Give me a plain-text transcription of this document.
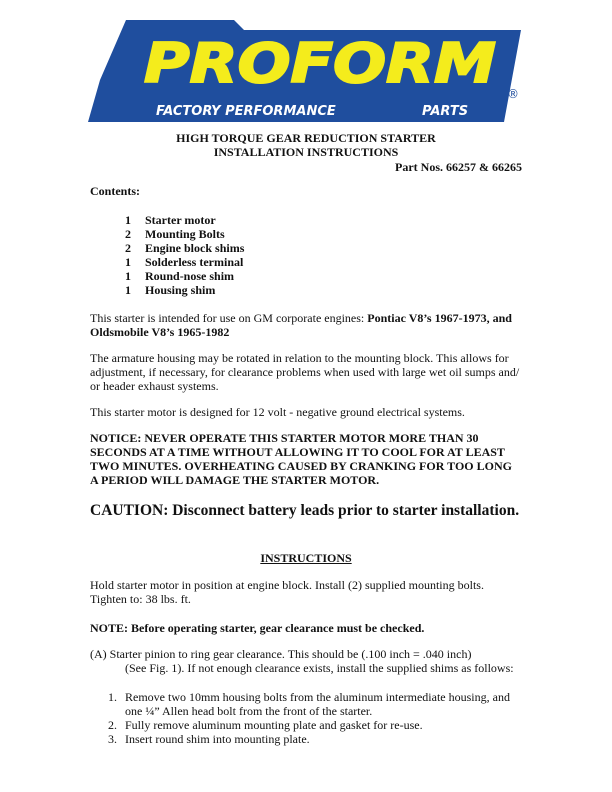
PROFORM
FACTORY PERFORMANCE	PARTS
®
HIGH TORQUE GEAR REDUCTION STARTER
INSTALLATION INSTRUCTIONS
Part Nos. 66257 & 66265
Contents:
1 Starter motor
2 Mounting Bolts
2 Engine block shims
1 Solderless terminal
1 Round-nose shim
1 Housing shim
This starter is intended for use on GM corporate engines: Pontiac V8’s 1967-1973, and
Oldsmobile V8’s 1965-1982
The armature housing may be rotated in relation to the mounting block. This allows for
adjustment, if necessary, for clearance problems when used with large wet oil sumps and/
or header exhaust systems.
This starter motor is designed for 12 volt - negative ground electrical systems.
NOTICE: NEVER OPERATE THIS STARTER MOTOR MORE THAN 30
SECONDS AT A TIME WITHOUT ALLOWING IT TO COOL FOR AT LEAST
TWO MINUTES. OVERHEATING CAUSED BY CRANKING FOR TOO LONG
A PERIOD WILL DAMAGE THE STARTER MOTOR.
CAUTION: Disconnect battery leads prior to starter installation.
INSTRUCTIONS
Hold starter motor in position at engine block. Install (2) supplied mounting bolts.
Tighten to: 38 lbs. ft.
NOTE: Before operating starter, gear clearance must be checked.
(A) Starter pinion to ring gear clearance. This should be (.100 inch = .040 inch)
(See Fig. 1). If not enough clearance exists, install the supplied shims as follows:
1. Remove two 10mm housing bolts from the aluminum intermediate housing, and
one ¼” Allen head bolt from the front of the starter.
2. Fully remove aluminum mounting plate and gasket for re-use.
3. Insert round shim into mounting plate.
